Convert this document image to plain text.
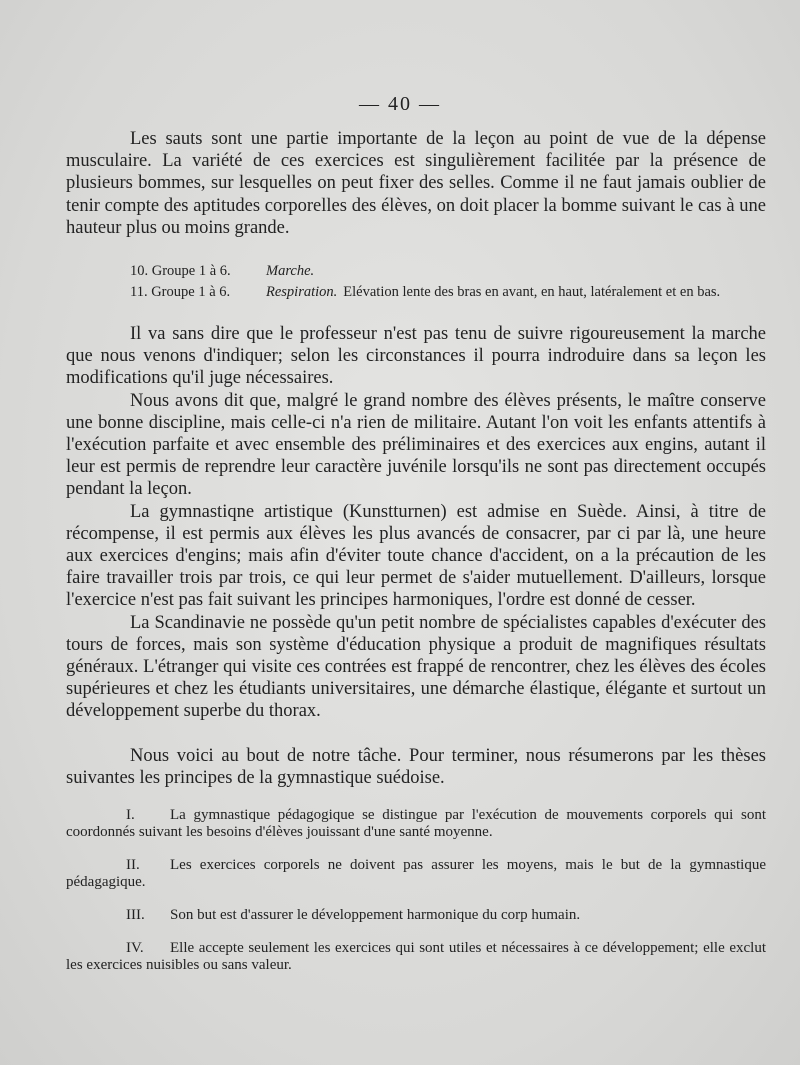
— 40 —

Les sauts sont une partie importante de la leçon au point de vue de la dépense musculaire. La variété de ces exercices est singulièrement facilitée par la présence de plusieurs bommes, sur lesquelles on peut fixer des selles. Comme il ne faut jamais oublier de tenir compte des aptitudes corporelles des élèves, on doit placer la bomme suivant le cas à une hauteur plus ou moins grande.

10. Groupe 1 à 6. Marche.
11. Groupe 1 à 6. Respiration. Elévation lente des bras en avant, en haut, latéralement et en bas.

Il va sans dire que le professeur n'est pas tenu de suivre rigoureusement la marche que nous venons d'indiquer; selon les circonstances il pourra indroduire dans sa leçon les modifications qu'il juge nécessaires.

Nous avons dit que, malgré le grand nombre des élèves présents, le maître conserve une bonne discipline, mais celle-ci n'a rien de militaire. Autant l'on voit les enfants attentifs à l'exécution parfaite et avec ensemble des préliminaires et des exercices aux engins, autant il leur est permis de reprendre leur caractère juvénile lorsqu'ils ne sont pas directement occupés pendant la leçon.

La gymnastiqne artistique (Kunstturnen) est admise en Suède. Ainsi, à titre de récompense, il est permis aux élèves les plus avancés de consacrer, par ci par là, une heure aux exercices d'engins; mais afin d'éviter toute chance d'accident, on a la précaution de les faire travailler trois par trois, ce qui leur permet de s'aider mutuellement. D'ailleurs, lorsque l'exercice n'est pas fait suivant les principes harmoniques, l'ordre est donné de cesser.

La Scandinavie ne possède qu'un petit nombre de spécialistes capables d'exécuter des tours de forces, mais son système d'éducation physique a produit de magnifiques résultats généraux. L'étranger qui visite ces contrées est frappé de rencontrer, chez les élèves des écoles supérieures et chez les étudiants universitaires, une démarche élastique, élégante et surtout un développement superbe du thorax.

Nous voici au bout de notre tâche. Pour terminer, nous résumerons par les thèses suivantes les principes de la gymnastique suédoise.

I. La gymnastique pédagogique se distingue par l'exécution de mouvements corporels qui sont coordonnés suivant les besoins d'élèves jouissant d'une santé moyenne.

II. Les exercices corporels ne doivent pas assurer les moyens, mais le but de la gymnastique pédagagique.

III. Son but est d'assurer le développement harmonique du corp humain.

IV. Elle accepte seulement les exercices qui sont utiles et nécessaires à ce développement; elle exclut les exercices nuisibles ou sans valeur.
